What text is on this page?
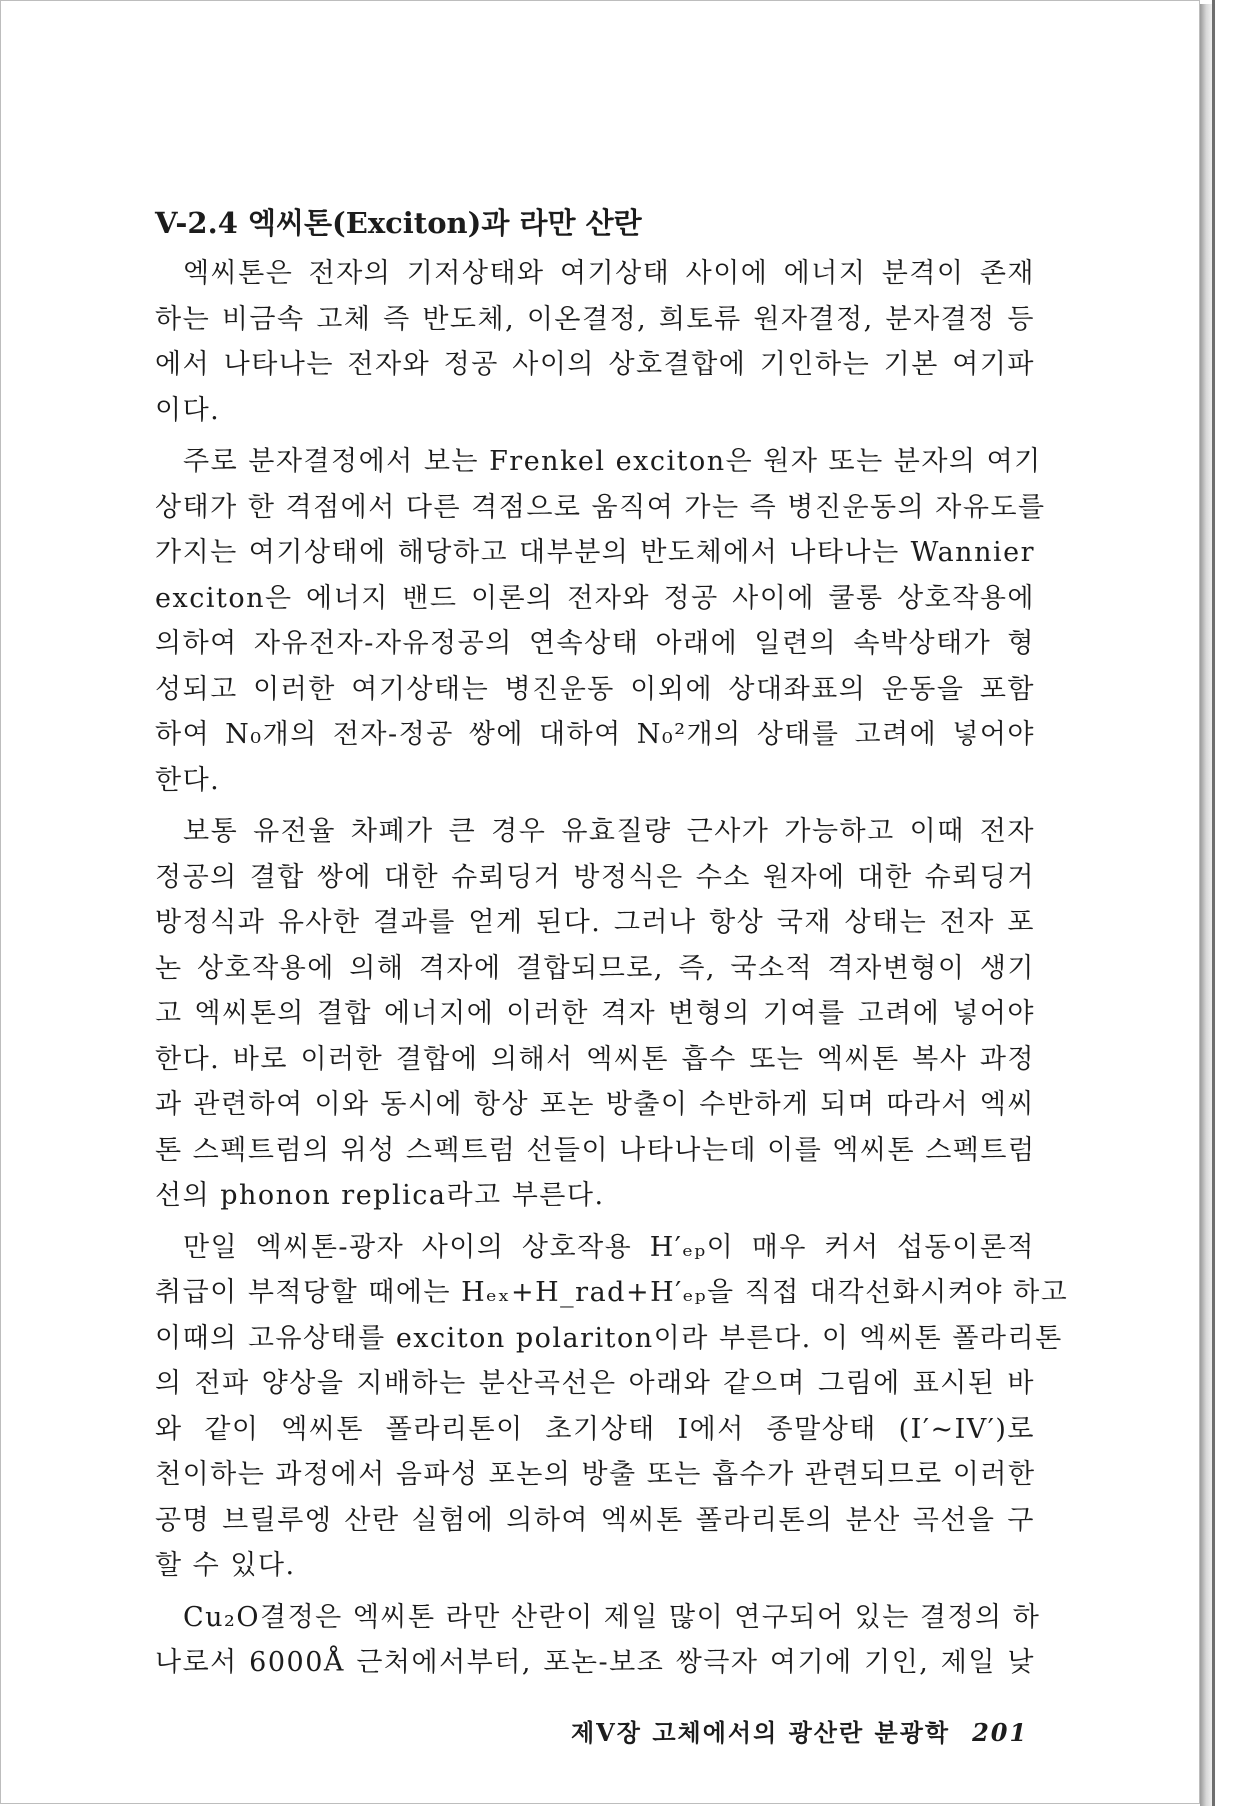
V-2.4 엑씨톤(Exciton)과 라만 산란
엑씨톤은 전자의 기저상태와 여기상태 사이에 에너지 분격이 존재
하는 비금속 고체 즉 반도체, 이온결정, 희토류 원자결정, 분자결정 등
에서 나타나는 전자와 정공 사이의 상호결합에 기인하는 기본 여기파
이다.
주로 분자결정에서 보는 Frenkel exciton은 원자 또는 분자의 여기
상태가 한 격점에서 다른 격점으로 움직여 가는 즉 병진운동의 자유도를
가지는 여기상태에 해당하고 대부분의 반도체에서 나타나는 Wannier
exciton은 에너지 밴드 이론의 전자와 정공 사이에 쿨롱 상호작용에
의하여 자유전자-자유정공의 연속상태 아래에 일련의 속박상태가 형
성되고 이러한 여기상태는 병진운동 이외에 상대좌표의 운동을 포함
하여 N₀개의 전자-정공 쌍에 대하여 N₀²개의 상태를 고려에 넣어야
한다.
보통 유전율 차폐가 큰 경우 유효질량 근사가 가능하고 이때 전자
정공의 결합 쌍에 대한 슈뢰딩거 방정식은 수소 원자에 대한 슈뢰딩거
방정식과 유사한 결과를 얻게 된다. 그러나 항상 국재 상태는 전자 포
논 상호작용에 의해 격자에 결합되므로, 즉, 국소적 격자변형이 생기
고 엑씨톤의 결합 에너지에 이러한 격자 변형의 기여를 고려에 넣어야
한다. 바로 이러한 결합에 의해서 엑씨톤 흡수 또는 엑씨톤 복사 과정
과 관련하여 이와 동시에 항상 포논 방출이 수반하게 되며 따라서 엑씨
톤 스펙트럼의 위성 스펙트럼 선들이 나타나는데 이를 엑씨톤 스펙트럼
선의 phonon replica라고 부른다.
만일 엑씨톤-광자 사이의 상호작용 H′ₑₚ이 매우 커서 섭동이론적
취급이 부적당할 때에는 Hₑₓ+H_rad+H′ₑₚ을 직접 대각선화시켜야 하고
이때의 고유상태를 exciton polariton이라 부른다. 이 엑씨톤 폴라리톤
의 전파 양상을 지배하는 분산곡선은 아래와 같으며 그림에 표시된 바
와 같이 엑씨톤 폴라리톤이 초기상태 I에서 종말상태 (I′~IV′)로
천이하는 과정에서 음파성 포논의 방출 또는 흡수가 관련되므로 이러한
공명 브릴루엥 산란 실험에 의하여 엑씨톤 폴라리톤의 분산 곡선을 구
할 수 있다.
Cu₂O결정은 엑씨톤 라만 산란이 제일 많이 연구되어 있는 결정의 하
나로서 6000Å 근처에서부터, 포논-보조 쌍극자 여기에 기인, 제일 낮
제V장 고체에서의 광산란 분광학 201
